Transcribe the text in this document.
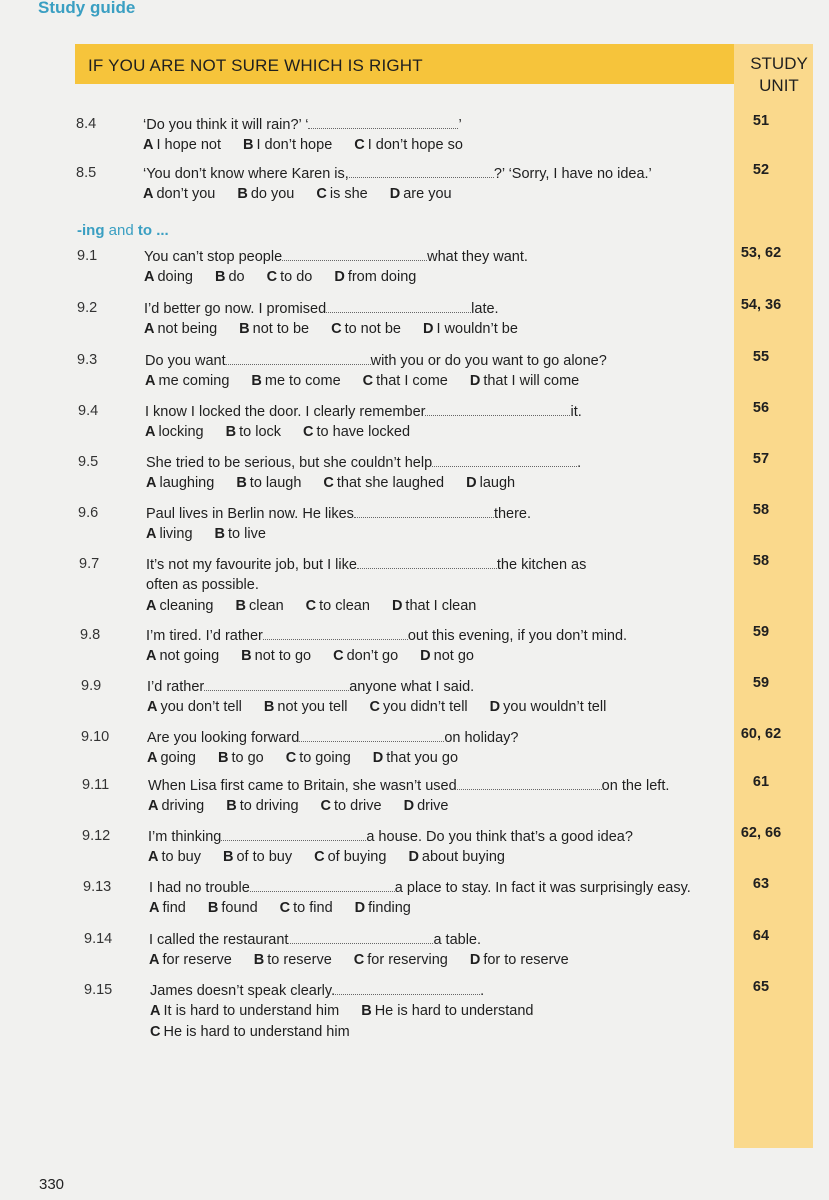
Study guide
IF YOU ARE NOT SURE WHICH IS RIGHT	STUDY
UNIT
-ing and to ...
8.4	‘Do you think it will rain?’ ‘	’
A I hope not B I don’t hope C I don’t hope so
51
8.5	‘You don’t know where Karen is,	?’ ‘Sorry, I have no idea.’
A don’t you B do you C is she D are you
52
9.1	You can’t stop people	what they want.
A doing B do C to do D from doing
53, 62
9.2	I’d better go now. I promised	late.
A not being B not to be C to not be D I wouldn’t be
54, 36
9.3	Do you want	with you or do you want to go alone?
A me coming B me to come C that I come D that I will come
55
9.4	I know I locked the door. I clearly remember	it.
A locking B to lock C to have locked
56
9.5	She tried to be serious, but she couldn’t help	.
A laughing B to laugh C that she laughed D laugh
57
9.6	Paul lives in Berlin now. He likes	there.
A living B to live
58
9.7	It’s not my favourite job, but I like	the kitchen as
often as possible.
A cleaning B clean C to clean D that I clean
58
9.8	I’m tired. I’d rather	out this evening, if you don’t mind.
A not going B not to go C don’t go D not go
59
9.9	I’d rather	anyone what I said.
A you don’t tell B not you tell C you didn’t tell D you wouldn’t tell
59
9.10	Are you looking forward	on holiday?
A going B to go C to going D that you go
60, 62
9.11	When Lisa first came to Britain, she wasn’t used	on the left.
A driving B to driving C to drive D drive
61
9.12	I’m thinking	a house. Do you think that’s a good idea?
A to buy B of to buy C of buying D about buying
62, 66
9.13	I had no trouble	a place to stay. In fact it was surprisingly easy.
A find B found C to find D finding
63
9.14	I called the restaurant	a table.
A for reserve B to reserve C for reserving D for to reserve
64
9.15	James doesn’t speak clearly.	.
A It is hard to understand him B He is hard to understand
C He is hard to understand him
65
330
